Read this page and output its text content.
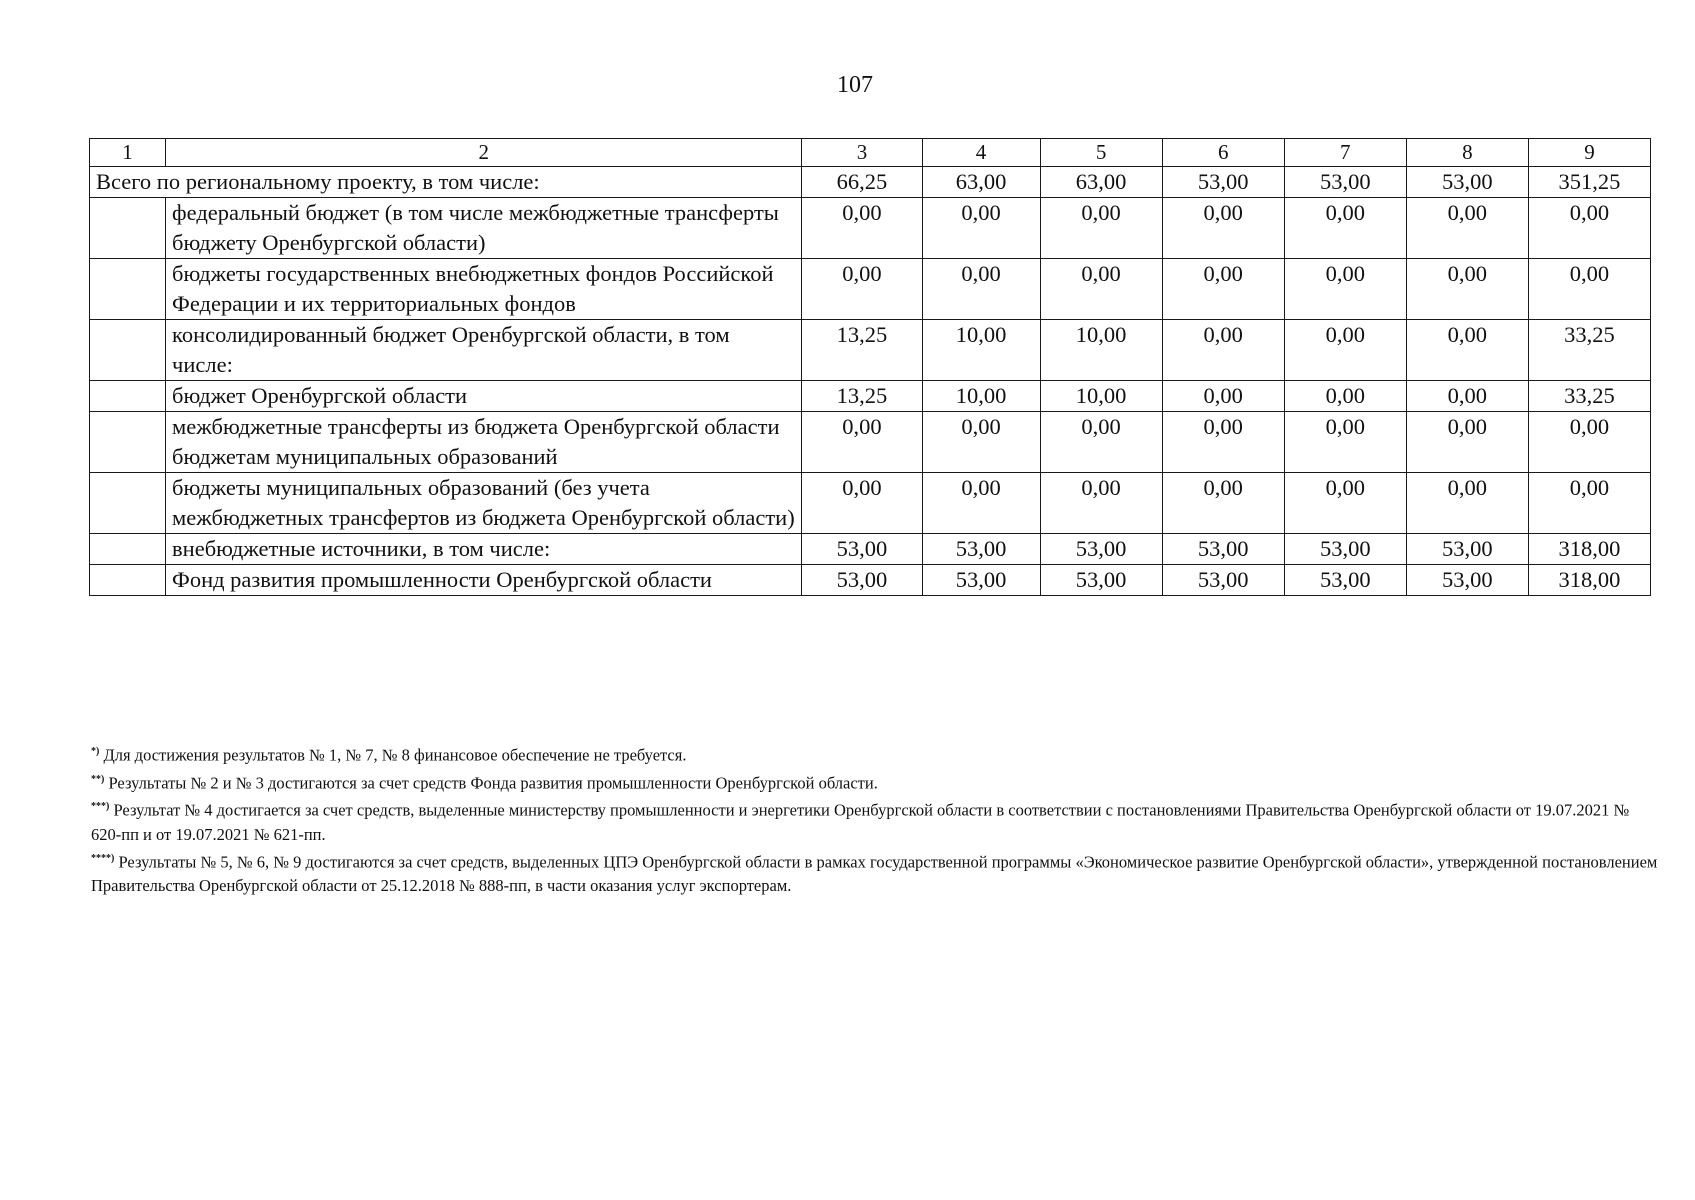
107
1	2	3	4	5	6	7	8	9
Всего по региональному проекту, в том числе:		66,25	63,00	63,00	53,00	53,00	53,00	351,25
	федеральный бюджет (в том числе межбюджетные трансферты бюджету Оренбургской области)	0,00	0,00	0,00	0,00	0,00	0,00	0,00
	бюджеты государственных внебюджетных фондов Российской Федерации и их территориальных фондов	0,00	0,00	0,00	0,00	0,00	0,00	0,00
	консолидированный бюджет Оренбургской области, в том числе:	13,25	10,00	10,00	0,00	0,00	0,00	33,25
	бюджет Оренбургской области	13,25	10,00	10,00	0,00	0,00	0,00	33,25
	межбюджетные трансферты из бюджета Оренбургской области бюджетам муниципальных образований	0,00	0,00	0,00	0,00	0,00	0,00	0,00
	бюджеты муниципальных образований (без учета межбюджетных трансфертов из бюджета Оренбургской области)	0,00	0,00	0,00	0,00	0,00	0,00	0,00
	внебюджетные источники, в том числе:	53,00	53,00	53,00	53,00	53,00	53,00	318,00
	Фонд развития промышленности Оренбургской области	53,00	53,00	53,00	53,00	53,00	53,00	318,00

*) Для достижения результатов № 1, № 7, № 8 финансовое обеспечение не требуется.

**) Результаты № 2 и № 3 достигаются за счет средств Фонда развития промышленности Оренбургской области.

***) Результат № 4 достигается за счет средств, выделенные министерству промышленности и энергетики Оренбургской области в соответствии с постановлениями Правительства Оренбургской области от 19.07.2021 № 620-пп и от 19.07.2021 № 621-пп.

****) Результаты № 5, № 6, № 9 достигаются за счет средств, выделенных ЦПЭ Оренбургской области в рамках государственной программы «Экономическое развитие Оренбургской области», утвержденной постановлением Правительства Оренбургской области от 25.12.2018 № 888-пп, в части оказания услуг экспортерам.
